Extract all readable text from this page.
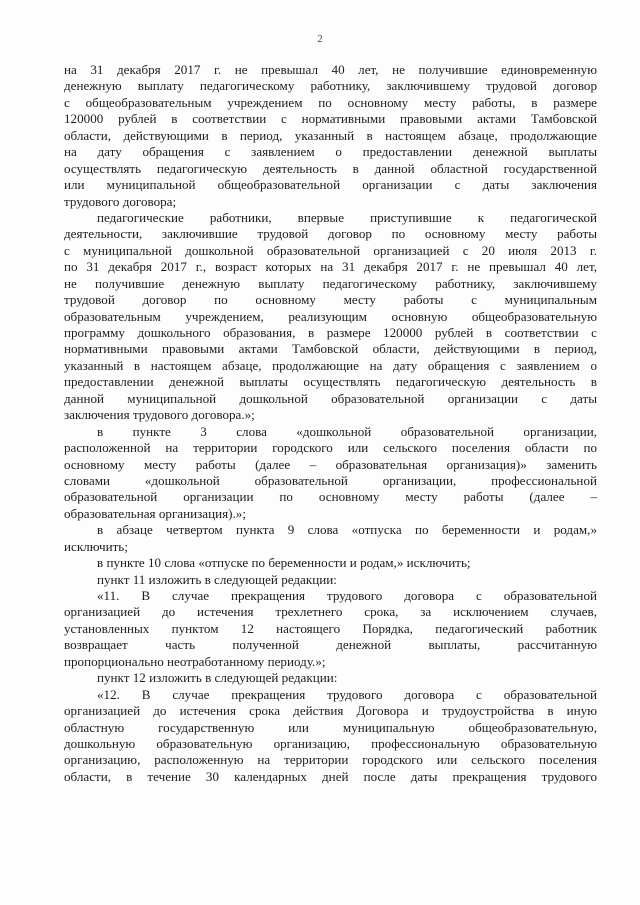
2
на 31 декабря 2017 г. не превышал 40 лет, не получившие единовременную
денежную выплату педагогическому работнику, заключившему трудовой договор
с общеобразовательным учреждением по основному месту работы, в размере
120000 рублей в соответствии с нормативными правовыми актами Тамбовской
области, действующими в период, указанный в настоящем абзаце, продолжающие
на дату обращения с заявлением о предоставлении денежной выплаты
осуществлять педагогическую деятельность в данной областной государственной
или муниципальной общеобразовательной организации с даты заключения
трудового договора;
педагогические работники, впервые приступившие к педагогической
деятельности, заключившие трудовой договор по основному месту работы
с муниципальной дошкольной образовательной организацией с 20 июля 2013 г.
по 31 декабря 2017 г., возраст которых на 31 декабря 2017 г. не превышал 40 лет,
не получившие денежную выплату педагогическому работнику, заключившему
трудовой договор по основному месту работы с муниципальным
образовательным учреждением, реализующим основную общеобразовательную
программу дошкольного образования, в размере 120000 рублей в соответствии с
нормативными правовыми актами Тамбовской области, действующими в период,
указанный в настоящем абзаце, продолжающие на дату обращения с заявлением о
предоставлении денежной выплаты осуществлять педагогическую деятельность в
данной муниципальной дошкольной образовательной организации с даты
заключения трудового договора.»;
в пункте 3 слова «дошкольной образовательной организации,
расположенной на территории городского или сельского поселения области по
основному месту работы (далее – образовательная организация)» заменить
словами «дошкольной образовательной организации, профессиональной
образовательной организации по основному месту работы (далее –
образовательная организация).»;
в абзаце четвертом пункта 9 слова «отпуска по беременности и родам,»
исключить;
в пункте 10 слова «отпуске по беременности и родам,» исключить;
пункт 11 изложить в следующей редакции:
«11. В случае прекращения трудового договора с образовательной
организацией до истечения трехлетнего срока, за исключением случаев,
установленных пунктом 12 настоящего Порядка, педагогический работник
возвращает часть полученной денежной выплаты, рассчитанную
пропорционально неотработанному периоду.»;
пункт 12 изложить в следующей редакции:
«12. В случае прекращения трудового договора с образовательной
организацией до истечения срока действия Договора и трудоустройства в иную
областную государственную или муниципальную общеобразовательную,
дошкольную образовательную организацию, профессиональную образовательную
организацию, расположенную на территории городского или сельского поселения
области, в течение 30 календарных дней после даты прекращения трудового
